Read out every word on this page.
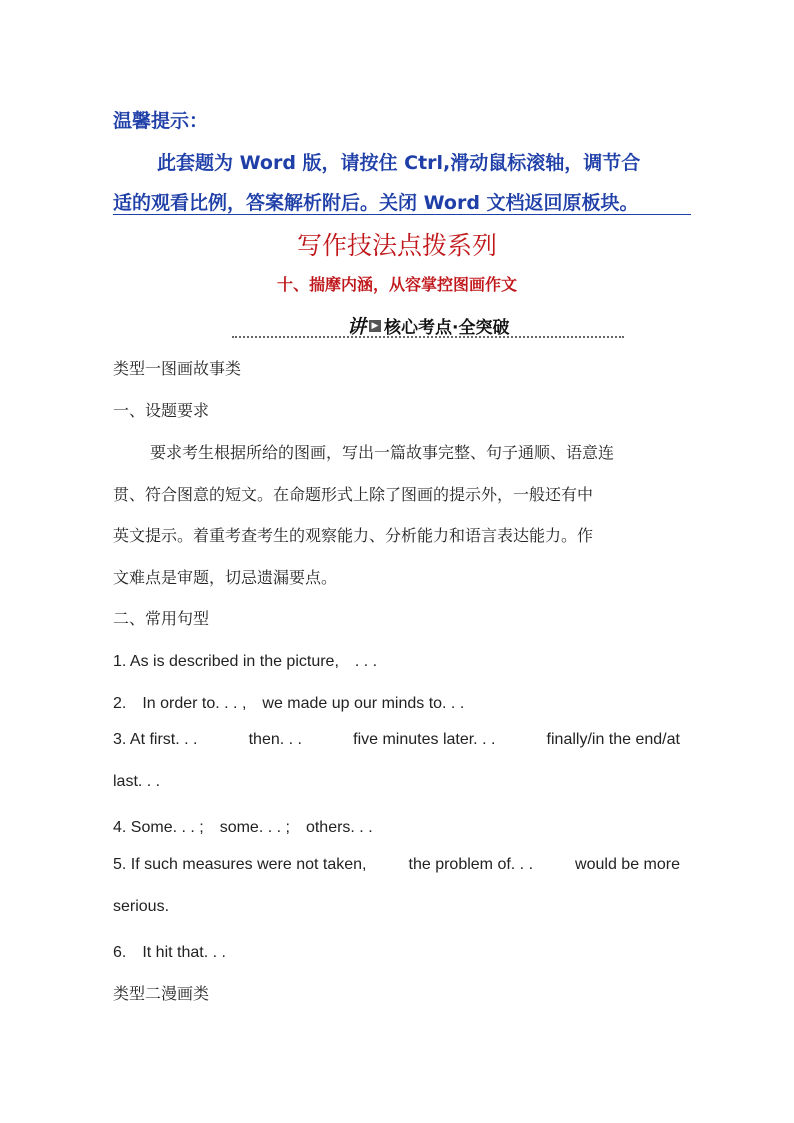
温馨提示：
此套题为 Word 版，请按住 Ctrl,滑动鼠标滚轴，调节合
适的观看比例，答案解析附后。关闭 Word 文档返回原板块。
写作技法点拨系列
十、揣摩内涵，从容掌控图画作文
讲 ▶ 核心考点·全突破
类型一图画故事类
一、设题要求
要求考生根据所给的图画，写出一篇故事完整、句子通顺、语意连
贯、符合图意的短文。在命题形式上除了图画的提示外，一般还有中
英文提示。着重考查考生的观察能力、分析能力和语言表达能力。作
文难点是审题，切忌遗漏要点。
二、常用句型
1. As is described in the picture,　. . .
2.　In order to. . . ,　we made up our minds to. . .
3. At first. . .	then. . .	five minutes later. . .	finally/in the end/at
last. . .
4. Some. . . ;　some. . . ;　others. . .
5. If such measures were not taken,	the problem of. . .	would be more
serious.
6.　It hit that. . .
类型二漫画类
